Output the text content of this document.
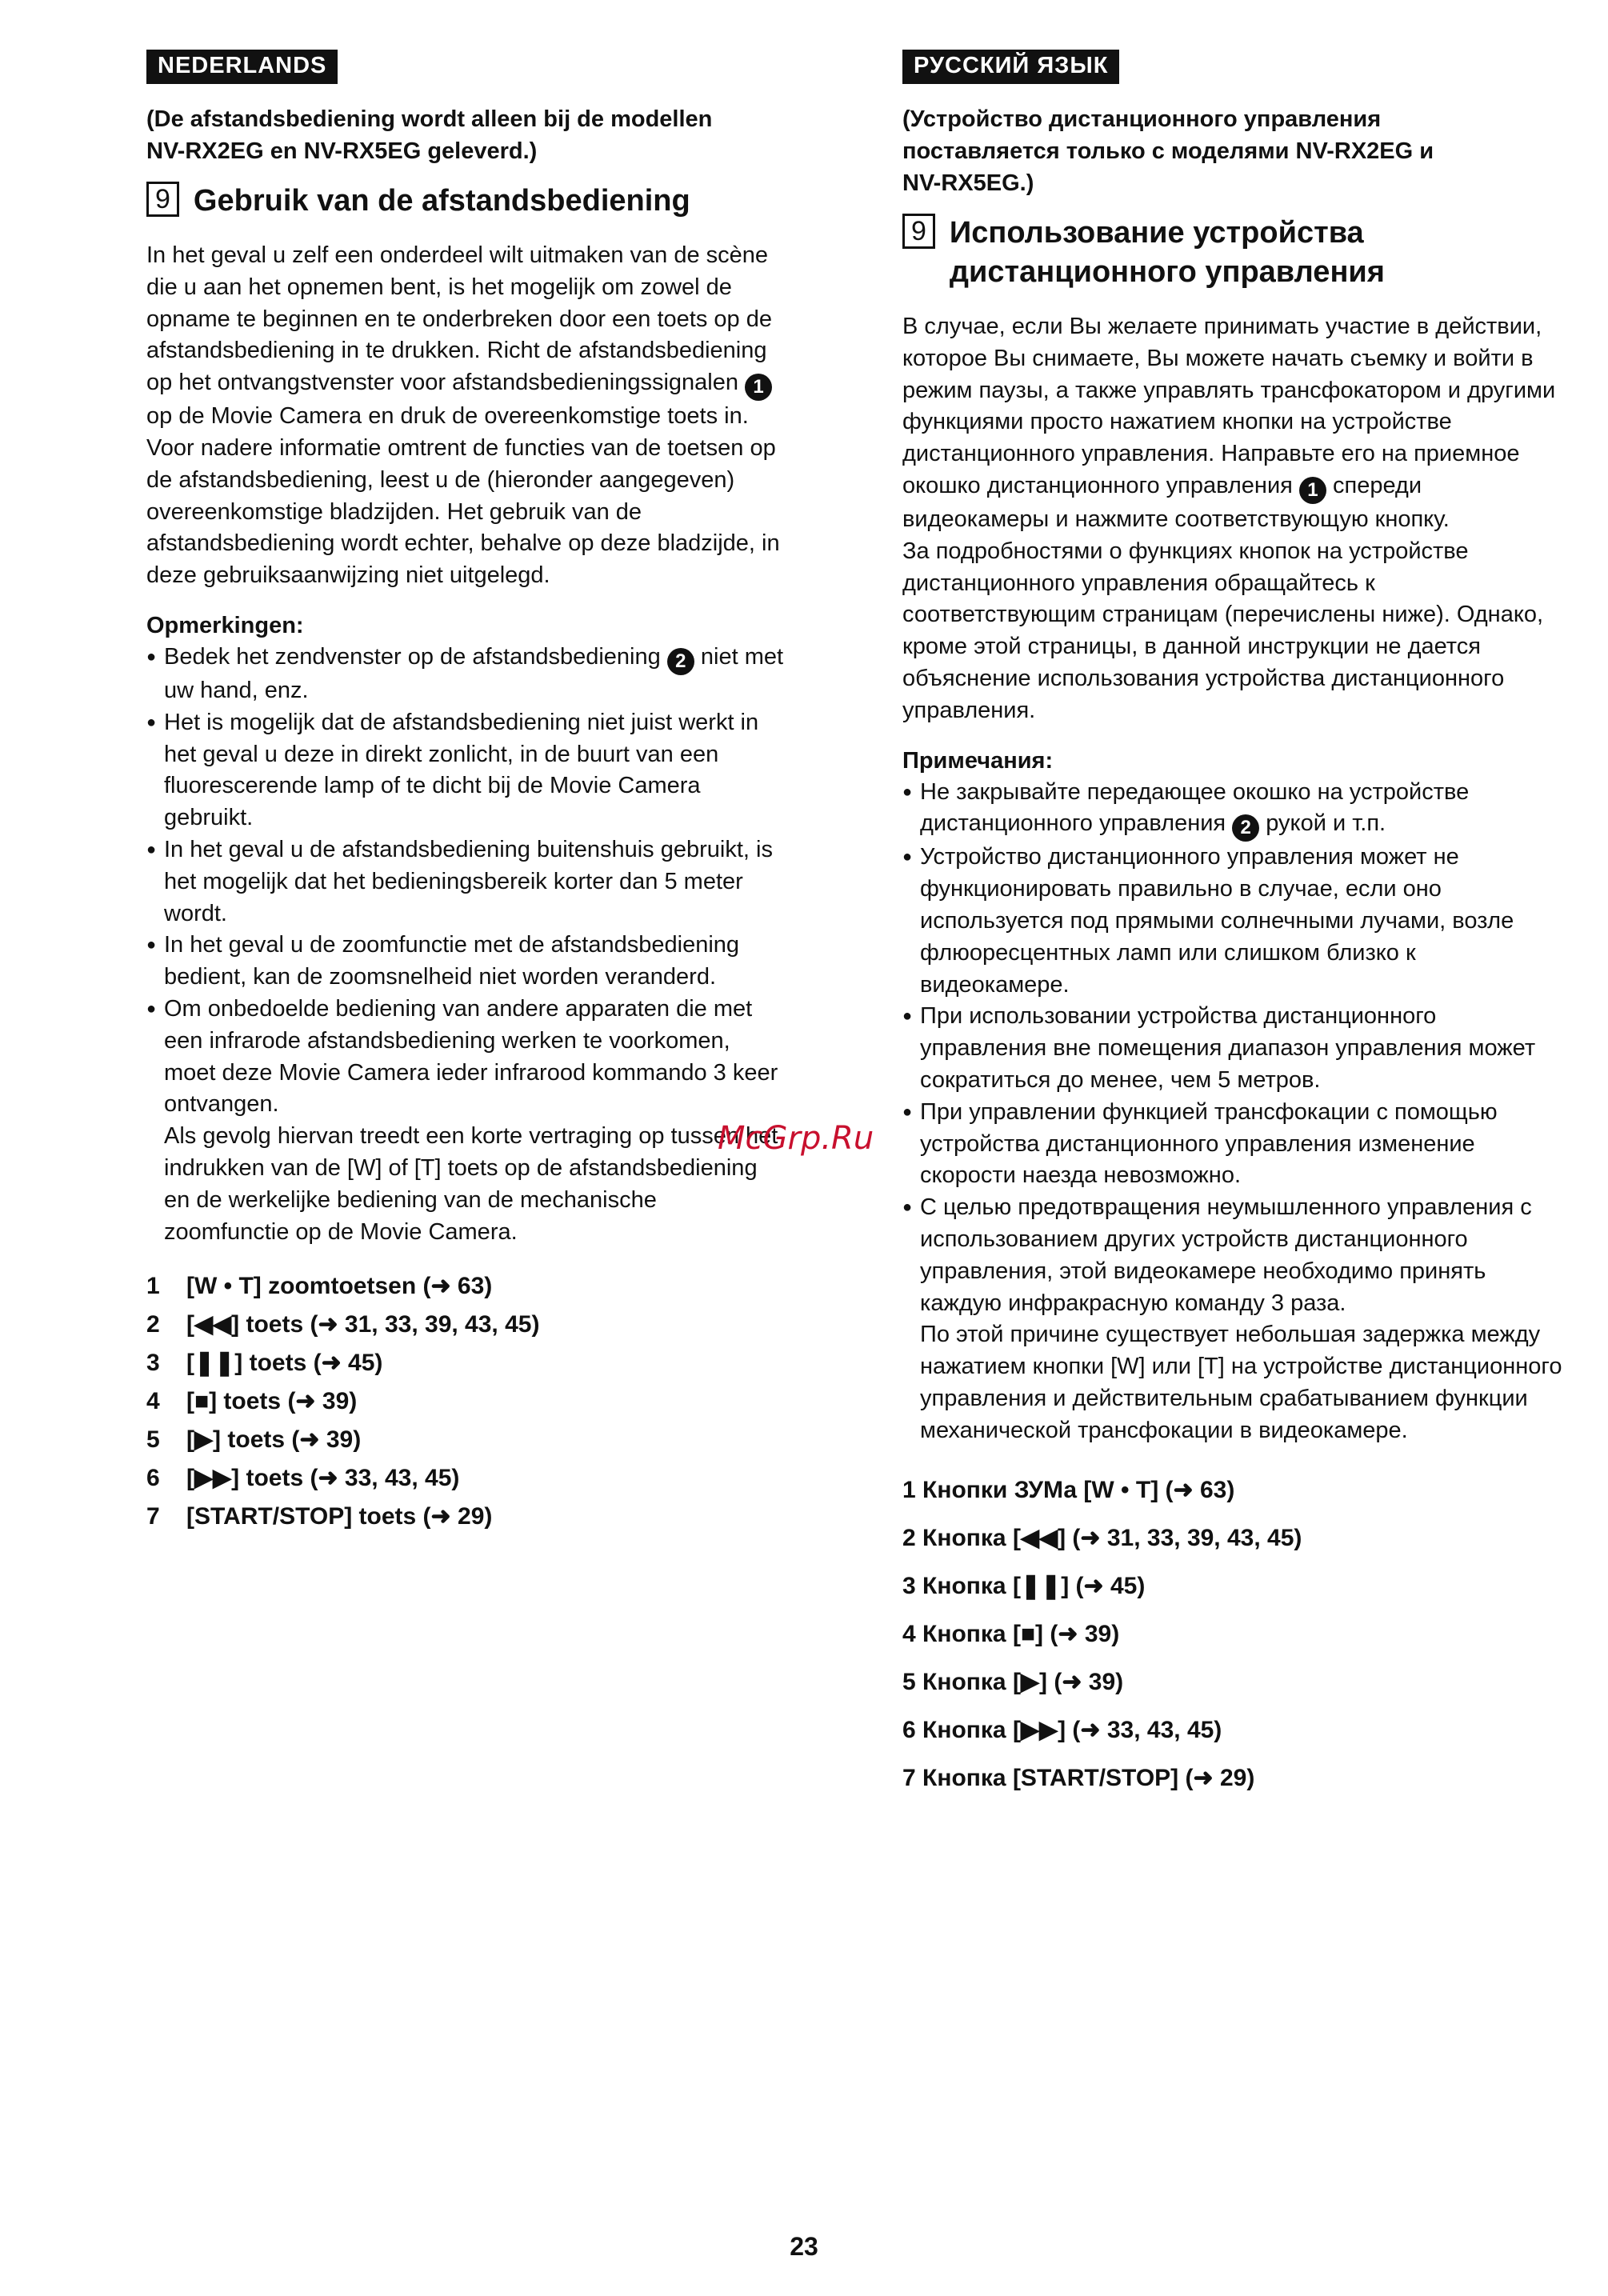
NEDERLANDS
(De afstandsbediening wordt alleen bij de modellen
NV-RX2EG en NV-RX5EG geleverd.)
9 Gebruik van de afstandsbediening

In het geval u zelf een onderdeel wilt uitmaken van de scène die u aan het opnemen bent, is het mogelijk om zowel de opname te beginnen en te onderbreken door een toets op de afstandsbediening in te drukken. Richt de afstandsbediening op het ontvangstvenster voor afstandsbedieningssignalen 1 op de Movie Camera en druk de overeenkomstige toets in.

Voor nadere informatie omtrent de functies van de toetsen op de afstandsbediening, leest u de (hieronder aangegeven) overeenkomstige bladzijden. Het gebruik van de afstandsbediening wordt echter, behalve op deze bladzijde, in deze gebruiksaanwijzing niet uitgelegd.

Opmerkingen:
● Bedek het zendvenster op de afstandsbediening 2 niet met uw hand, enz.
● Het is mogelijk dat de afstandsbediening niet juist werkt in het geval u deze in direkt zonlicht, in de buurt van een fluorescerende lamp of te dicht bij de Movie Camera gebruikt.
● In het geval u de afstandsbediening buitenshuis gebruikt, is het mogelijk dat het bedieningsbereik korter dan 5 meter wordt.
● In het geval u de zoomfunctie met de afstandsbediening bedient, kan de zoomsnelheid niet worden veranderd.
● Om onbedoelde bediening van andere apparaten die met een infrarode afstandsbediening werken te voorkomen, moet deze Movie Camera ieder infrarood kommando 3 keer ontvangen.
Als gevolg hiervan treedt een korte vertraging op tussen het indrukken van de [W] of [T] toets op de afstandsbediening en de werkelijke bediening van de mechanische zoomfunctie op de Movie Camera.
1 [W • T] zoomtoetsen (➜ 63)
2 [◀◀] toets (➜ 31, 33, 39, 43, 45)
3 [❚❚] toets (➜ 45)
4 [■] toets (➜ 39)
5 [▶] toets (➜ 39)
6 [▶▶] toets (➜ 33, 43, 45)
7 [START/STOP] toets (➜ 29)
РУССКИЙ ЯЗЫК
(Устройство дистанционного управления
поставляется только с моделями NV-RX2EG и
NV-RX5EG.)
9 Использование устройства
дистанционного управления

В случае, если Вы желаете принимать участие в действии, которое Вы снимаете, Вы можете начать съемку и войти в режим паузы, а также управлять трансфокатором и другими функциями просто нажатием кнопки на устройстве дистанционного управления. Направьте его на приемное окошко дистанционного управления 1 спереди видеокамеры и нажмите соответствующую кнопку.

За подробностями о функциях кнопок на устройстве дистанционного управления обращайтесь к соответствующим страницам (перечислены ниже). Однако, кроме этой страницы, в данной инструкции не дается объяснение использования устройства дистанционного управления.

Примечания:
● Не закрывайте передающее окошко на устройстве дистанционного управления 2 рукой и т.п.
● Устройство дистанционного управления может не функционировать правильно в случае, если оно используется под прямыми солнечными лучами, возле флюоресцентных ламп или слишком близко к видеокамере.
● При использовании устройства дистанционного управления вне помещения диапазон управления может сократиться до менее, чем 5 метров.
● При управлении функцией трансфокации с помощью устройства дистанционного управления изменение скорости наезда невозможно.
● С целью предотвращения неумышленного управления с использованием других устройств дистанционного управления, этой видеокамере необходимо принять каждую инфракрасную команду 3 раза.
По этой причине существует небольшая задержка между нажатием кнопки [W] или [T] на устройстве дистанционного управления и действительным срабатыванием функции механической трансфокации в видеокамере.
1 Кнопки ЗУМа [W • T] (➜ 63)
2 Кнопка [◀◀] (➜ 31, 33, 39, 43, 45)
3 Кнопка [❚❚] (➜ 45)
4 Кнопка [■] (➜ 39)
5 Кнопка [▶] (➜ 39)
6 Кнопка [▶▶] (➜ 33, 43, 45)
7 Кнопка [START/STOP] (➜ 29)
McGrp.Ru
23
